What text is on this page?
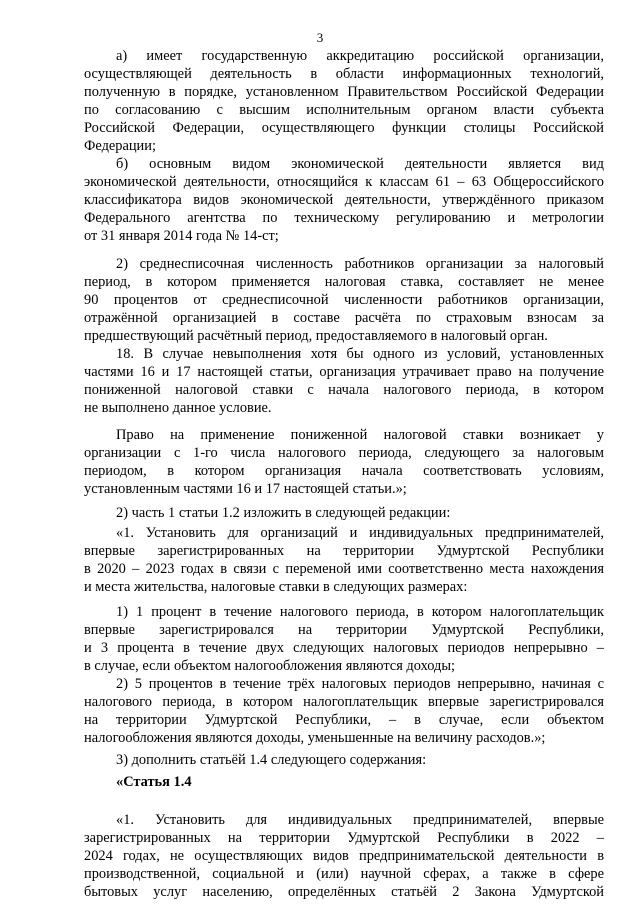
3
а) имеет государственную аккредитацию российской организации,
осуществляющей деятельность в области информационных технологий,
полученную в порядке, установленном Правительством Российской Федерации
по согласованию с высшим исполнительным органом власти субъекта
Российской Федерации, осуществляющего функции столицы Российской
Федерации;
б) основным видом экономической деятельности является вид
экономической деятельности, относящийся к классам 61 – 63 Общероссийского
классификатора видов экономической деятельности, утверждённого приказом
Федерального агентства по техническому регулированию и метрологии
от 31 января 2014 года № 14-ст;
2) среднесписочная численность работников организации за налоговый
период, в котором применяется налоговая ставка, составляет не менее
90 процентов от среднесписочной численности работников организации,
отражённой организацией в составе расчёта по страховым взносам за
предшествующий расчётный период, предоставляемого в налоговый орган.
18. В случае невыполнения хотя бы одного из условий, установленных
частями 16 и 17 настоящей статьи, организация утрачивает право на получение
пониженной налоговой ставки с начала налогового периода, в котором
не выполнено данное условие.
Право на применение пониженной налоговой ставки возникает у
организации с 1-го числа налогового периода, следующего за налоговым
периодом, в котором организация начала соответствовать условиям,
установленным частями 16 и 17 настоящей статьи.»;
2) часть 1 статьи 1.2 изложить в следующей редакции:
«1. Установить для организаций и индивидуальных предпринимателей,
впервые зарегистрированных на территории Удмуртской Республики
в 2020 – 2023 годах в связи с переменой ими соответственно места нахождения
и места жительства, налоговые ставки в следующих размерах:
1) 1 процент в течение налогового периода, в котором налогоплательщик
впервые зарегистрировался на территории Удмуртской Республики,
и 3 процента в течение двух следующих налоговых периодов непрерывно –
в случае, если объектом налогообложения являются доходы;
2) 5 процентов в течение трёх налоговых периодов непрерывно, начиная с
налогового периода, в котором налогоплательщик впервые зарегистрировался
на территории Удмуртской Республики, – в случае, если объектом
налогообложения являются доходы, уменьшенные на величину расходов.»;
3) дополнить статьёй 1.4 следующего содержания:
«Статья 1.4
«1. Установить для индивидуальных предпринимателей, впервые
зарегистрированных на территории Удмуртской Республики в 2022 –
2024 годах, не осуществляющих видов предпринимательской деятельности в
производственной, социальной и (или) научной сферах, а также в сфере
бытовых услуг населению, определённых статьёй 2 Закона Удмуртской
